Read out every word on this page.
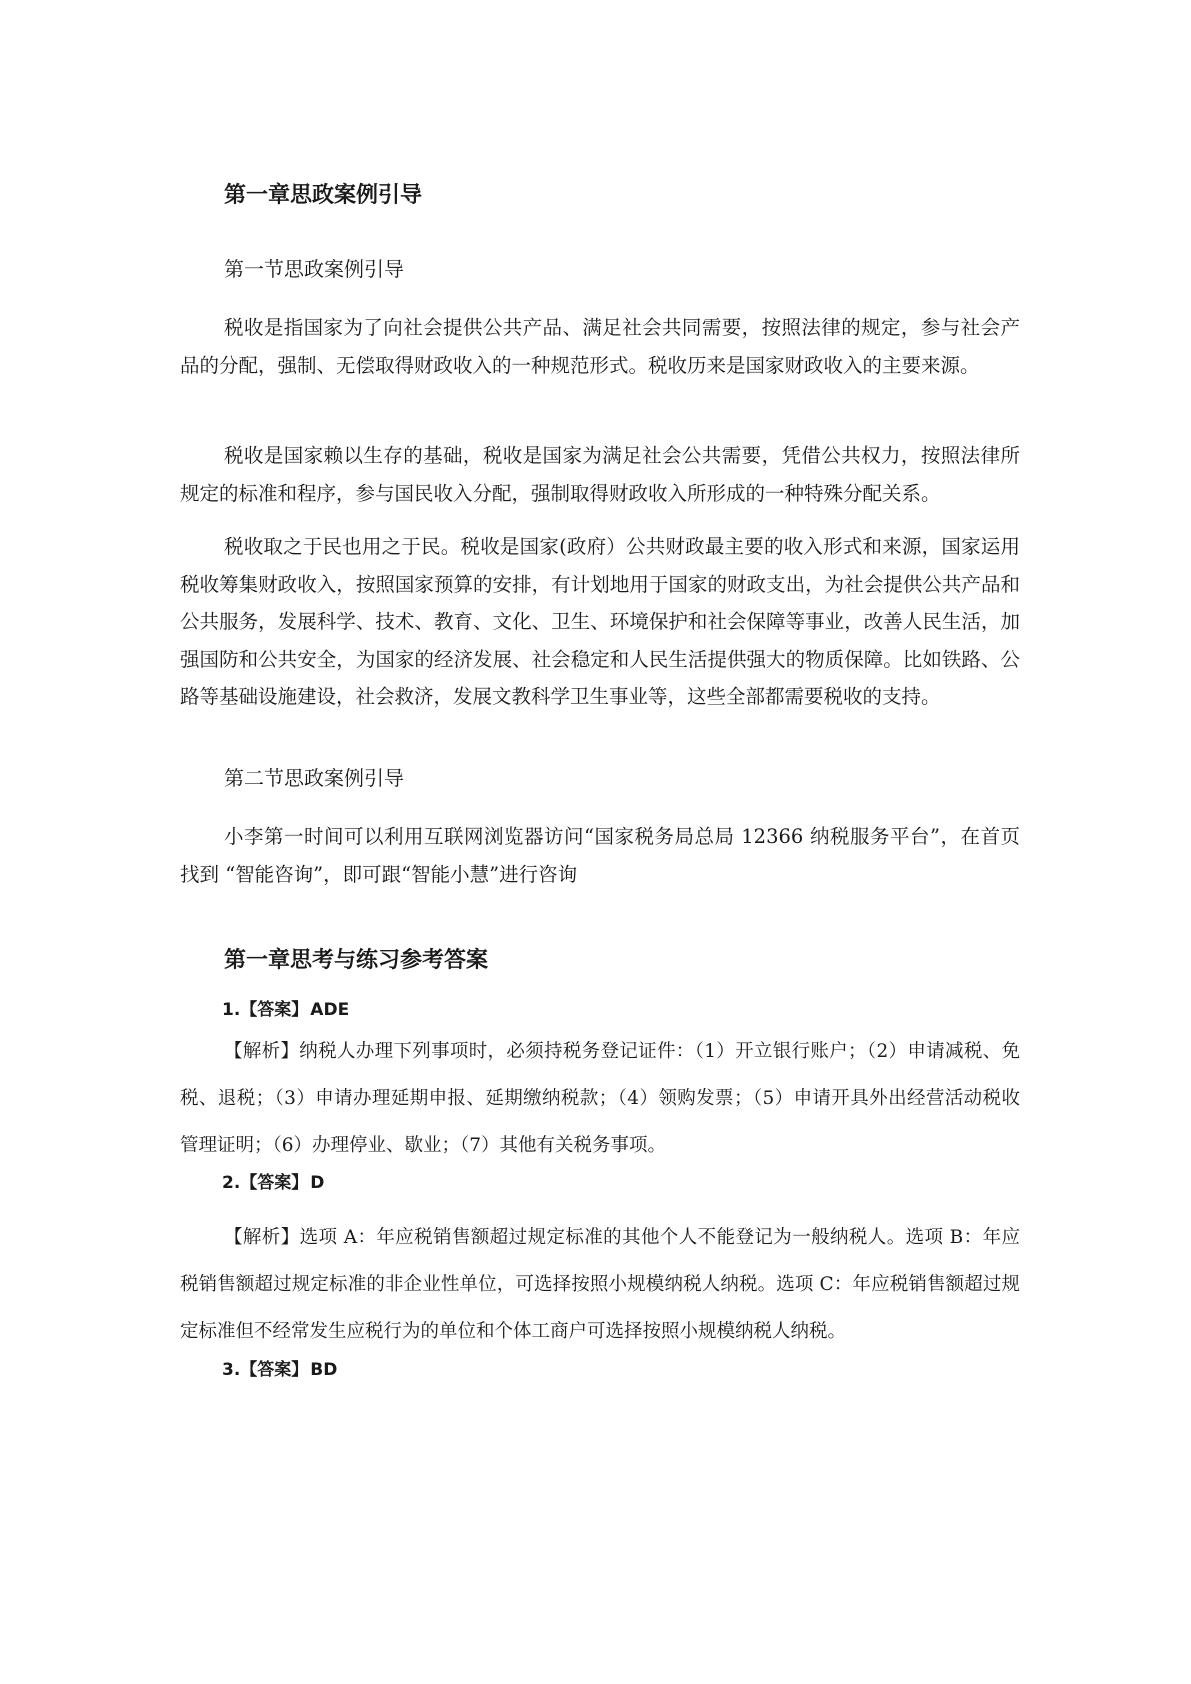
第一章思政案例引导
第一节思政案例引导

税收是指国家为了向社会提供公共产品、满足社会共同需要，按照法律的规定，参与社会产品的分配，强制、无偿取得财政收入的一种规范形式。税收历来是国家财政收入的主要来源。

税收是国家赖以生存的基础，税收是国家为满足社会公共需要，凭借公共权力，按照法律所规定的标准和程序，参与国民收入分配，强制取得财政收入所形成的一种特殊分配关系。

税收取之于民也用之于民。税收是国家(政府）公共财政最主要的收入形式和来源，国家运用税收筹集财政收入，按照国家预算的安排，有计划地用于国家的财政支出，为社会提供公共产品和公共服务，发展科学、技术、教育、文化、卫生、环境保护和社会保障等事业，改善人民生活，加强国防和公共安全，为国家的经济发展、社会稳定和人民生活提供强大的物质保障。比如铁路、公路等基础设施建设，社会救济，发展文教科学卫生事业等，这些全部都需要税收的支持。

第二节思政案例引导

小李第一时间可以利用互联网浏览器访问“国家税务局总局 12366 纳税服务平台”，在首页找到 “智能咨询”，即可跟“智能小慧”进行咨询

第一章思考与练习参考答案
1.【答案】 ADE

【解析】纳税人办理下列事项时，必须持税务登记证件：（1）开立银行账户；（2）申请减税、免税、退税；（3）申请办理延期申报、延期缴纳税款；（4）领购发票；（5）申请开具外出经营活动税收管理证明；（6）办理停业、歇业；（7）其他有关税务事项。

2.【答案】 D

【解析】选项 A：年应税销售额超过规定标准的其他个人不能登记为一般纳税人。选项 B：年应税销售额超过规定标准的非企业性单位，可选择按照小规模纳税人纳税。选项 C：年应税销售额超过规定标准但不经常发生应税行为的单位和个体工商户可选择按照小规模纳税人纳税。

3.【答案】 BD
